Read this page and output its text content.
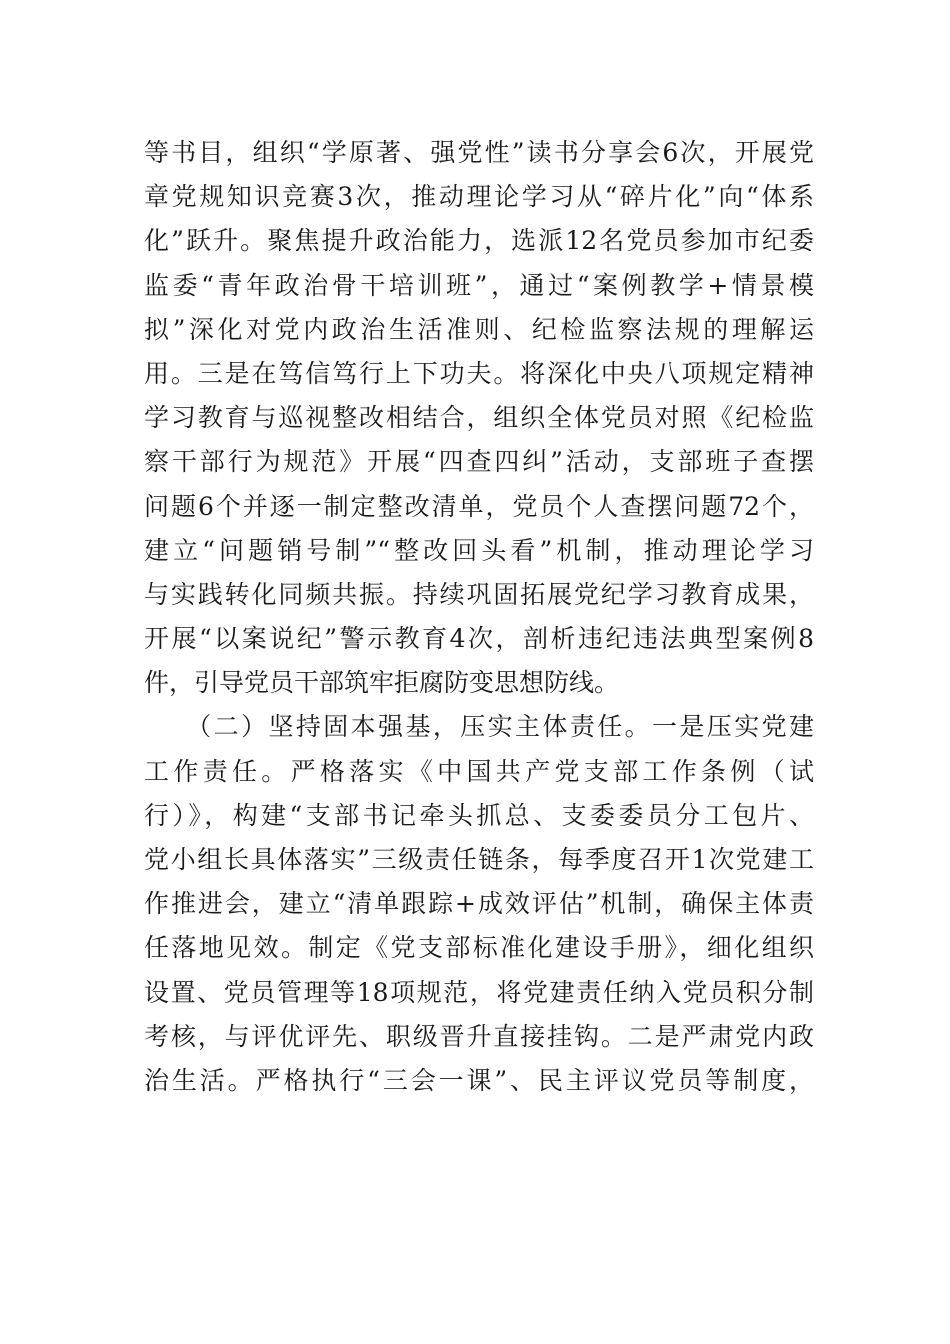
等书目，组织“学原著、强党性”读书分享会6次，开展党
章党规知识竞赛3次，推动理论学习从“碎片化”向“体系
化”跃升。聚焦提升政治能力，选派12名党员参加市纪委
监委“青年政治骨干培训班”，通过“案例教学+情景模
拟”深化对党内政治生活准则、纪检监察法规的理解运
用。三是在笃信笃行上下功夫。将深化中央八项规定精神
学习教育与巡视整改相结合，组织全体党员对照《纪检监
察干部行为规范》开展“四查四纠”活动，支部班子查摆
问题6个并逐一制定整改清单，党员个人查摆问题72个，
建立“问题销号制”“整改回头看”机制，推动理论学习
与实践转化同频共振。持续巩固拓展党纪学习教育成果，
开展“以案说纪”警示教育4次，剖析违纪违法典型案例8
件，引导党员干部筑牢拒腐防变思想防线。
　　（二）坚持固本强基，压实主体责任。一是压实党建
工作责任。严格落实《中国共产党支部工作条例（试
行）》，构建“支部书记牵头抓总、支委委员分工包片、
党小组长具体落实”三级责任链条，每季度召开1次党建工
作推进会，建立“清单跟踪+成效评估”机制，确保主体责
任落地见效。制定《党支部标准化建设手册》，细化组织
设置、党员管理等18项规范，将党建责任纳入党员积分制
考核，与评优评先、职级晋升直接挂钩。二是严肃党内政
治生活。严格执行“三会一课”、民主评议党员等制度，
